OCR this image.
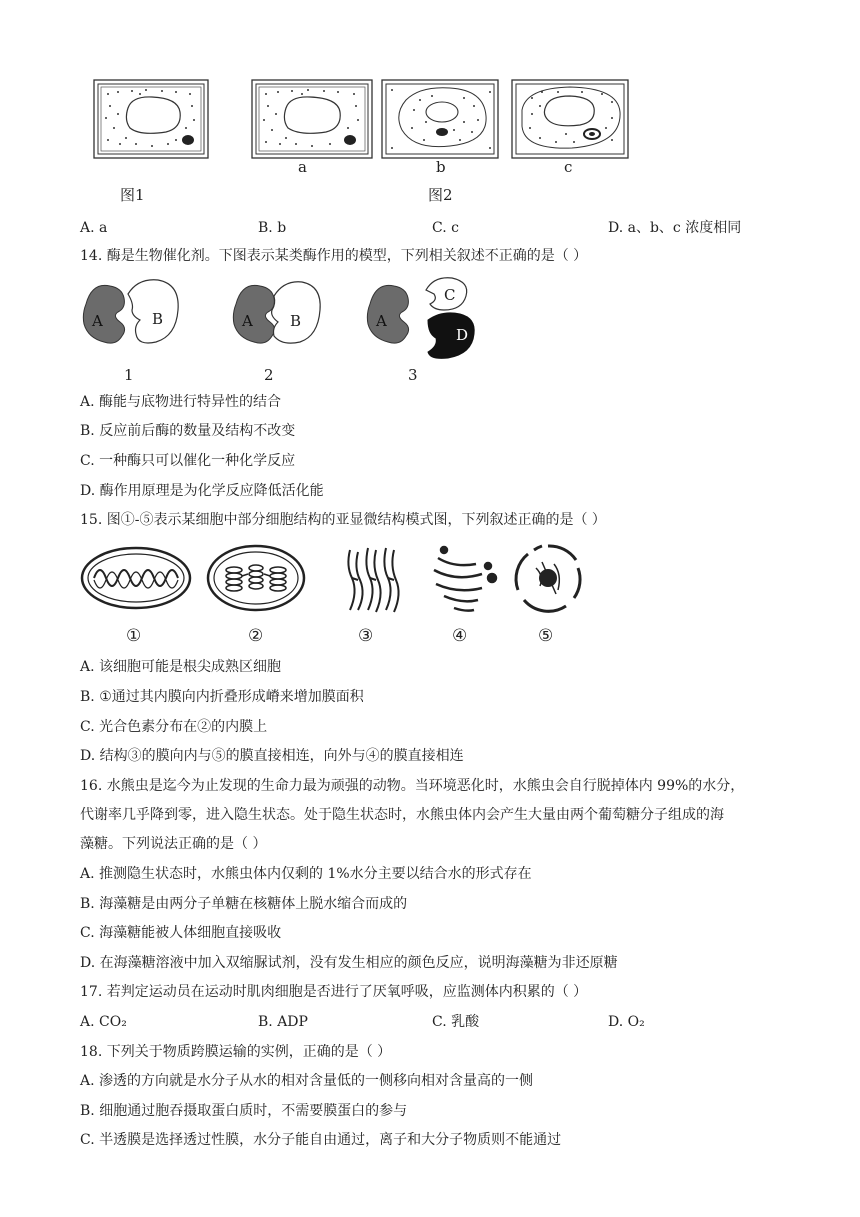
图1
a	b	c
图2
A. a	B. b	C. c	D. a、b、c 浓度相同
14. 酶是生物催化剂。下图表示某类酶作用的模型，下列相关叙述不正确的是（ ）
A	B	A B	A
C
D
1	2	3
A. 酶能与底物进行特异性的结合
B. 反应前后酶的数量及结构不改变
C. 一种酶只可以催化一种化学反应
D. 酶作用原理是为化学反应降低活化能
15. 图①-⑤表示某细胞中部分细胞结构的亚显微结构模式图，下列叙述正确的是（ ）
①	②	③	④	⑤
A. 该细胞可能是根尖成熟区细胞
B. ①通过其内膜向内折叠形成嵴来增加膜面积
C. 光合色素分布在②的内膜上
D. 结构③的膜向内与⑤的膜直接相连，向外与④的膜直接相连
16. 水熊虫是迄今为止发现的生命力最为顽强的动物。当环境恶化时，水熊虫会自行脱掉体内 99%的水分，
代谢率几乎降到零，进入隐生状态。处于隐生状态时，水熊虫体内会产生大量由两个葡萄糖分子组成的海
藻糖。下列说法正确的是（ ）
A. 推测隐生状态时，水熊虫体内仅剩的 1%水分主要以结合水的形式存在
B. 海藻糖是由两分子单糖在核糖体上脱水缩合而成的
C. 海藻糖能被人体细胞直接吸收
D. 在海藻糖溶液中加入双缩脲试剂，没有发生相应的颜色反应，说明海藻糖为非还原糖
17. 若判定运动员在运动时肌肉细胞是否进行了厌氧呼吸，应监测体内积累的（ ）
A. CO₂	B. ADP	C. 乳酸	D. O₂
18. 下列关于物质跨膜运输的实例，正确的是（ ）
A. 渗透的方向就是水分子从水的相对含量低的一侧移向相对含量高的一侧
B. 细胞通过胞吞摄取蛋白质时，不需要膜蛋白的参与
C. 半透膜是选择透过性膜，水分子能自由通过，离子和大分子物质则不能通过
